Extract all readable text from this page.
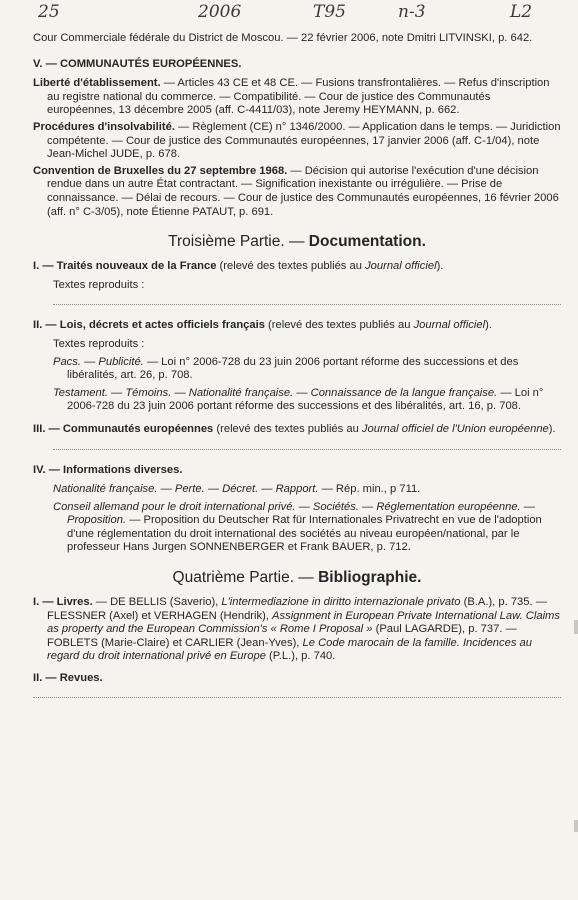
25	2006	T95	n-3	L2

Cour Commerciale fédérale du District de Moscou. — 22 février 2006, note Dmitri LITVINSKI, p. 642.

V. — COMMUNAUTÉS EUROPÉENNES.

Liberté d'établissement. — Articles 43 CE et 48 CE. — Fusions transfrontalières. — Refus d'inscription au registre national du commerce. — Compatibilité. — Cour de justice des Communautés européennes, 13 décembre 2005 (aff. C-4411/03), note Jeremy HEYMANN, p. 662.

Procédures d'insolvabilité. — Règlement (CE) n° 1346/2000. — Application dans le temps. — Juridiction compétente. — Cour de justice des Communautés européennes, 17 janvier 2006 (aff. C-1/04), note Jean-Michel JUDE, p. 678.

Convention de Bruxelles du 27 septembre 1968. — Décision qui autorise l'exécution d'une décision rendue dans un autre État contractant. — Signification inexistante ou irrégulière. — Prise de connaissance. — Délai de recours. — Cour de justice des Communautés européennes, 16 février 2006 (aff. n° C-3/05), note Étienne PATAUT, p. 691.

Troisième Partie. — Documentation.

I. — Traités nouveaux de la France (relevé des textes publiés au Journal officiel).

Textes reproduits :

II. — Lois, décrets et actes officiels français (relevé des textes publiés au Journal officiel).

Textes reproduits :

Pacs. — Publicité. — Loi n° 2006-728 du 23 juin 2006 portant réforme des successions et des libéralités, art. 26, p. 708.

Testament. — Témoins. — Nationalité française. — Connaissance de la langue française. — Loi n° 2006-728 du 23 juin 2006 portant réforme des successions et des libéralités, art. 16, p. 708.

III. — Communautés européennes (relevé des textes publiés au Journal officiel de l'Union européenne).

IV. — Informations diverses.

Nationalité française. — Perte. — Décret. — Rapport. — Rép. min., p 711.

Conseil allemand pour le droit international privé. — Sociétés. — Réglementation européenne. — Proposition. — Proposition du Deutscher Rat für Internationales Privatrecht en vue de l'adoption d'une réglementation du droit international des sociétés au niveau européen/national, par le professeur Hans Jurgen SONNENBERGER et Frank BAUER, p. 712.

Quatrième Partie. — Bibliographie.

I. — Livres. — DE BELLIS (Saverio), L'intermediazione in diritto internazionale privato (B.A.), p. 735. — FLESSNER (Axel) et VERHAGEN (Hendrik), Assignment in European Private International Law. Claims as property and the European Commission's « Rome I Proposal » (Paul LAGARDE), p. 737. — FOBLETS (Marie-Claire) et CARLIER (Jean-Yves), Le Code marocain de la famille. Incidences au regard du droit international privé en Europe (P.L.), p. 740.

II. — Revues.
